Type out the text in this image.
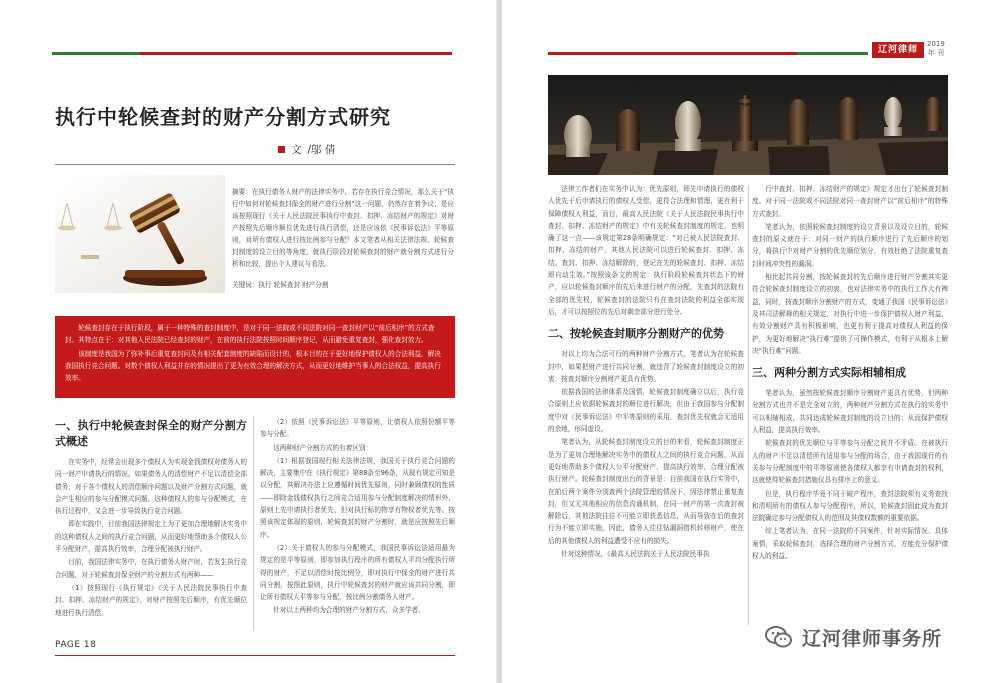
执行中轮候查封的财产分割方式研究
文 /邬 倩
摘要：在执行债务人财产的法律实务中，若存在执行竞合情况，那么关于“执行中如何对轮候查封保全的财产进行分割”这一问题，仍然存在着争议；是应该按照现行《关于人民法院民事执行中查封、扣押、冻结财产的规定》对财产按照先后顺序顺位优先进行执行清偿，还是应该依《民事诉讼法》平等原则，对所有债权人进行按比例参与分配？本文笔者从相关法律法规、轮候查封制度的设立目的等角度，就执行阶段对轮候查封的财产就分割方式进行分析和比较，提出个人建议与看法。
关键词：执行 轮候查封 财产分割

轮候查封存在于执行阶段，属于一种特殊的查封制度中，是对于同一法院或不同法院对同一查封财产以“前后相序”的方式查封。其特点在于：对其他人民法院已经查封的财产，在前的执行法院按照时间顺序登记，从而避免重复查封，强化查封效力。

该制度是我国为了弥补事后重复查封问及有相关配套制度的缺陷而设计的，根本目的在于更好地保护债权人的合法利益，解决我国执行竞合问题。对数个债权人利益并存的情况提出了更为有效合理的解决方式，从而更好地维护当事人的合法权益，提高执行效率。

一、执行中轮候查封保全的财产分割方式概述

在实务中，经常会出现多个债权人为实现金钱债权对债务人的同一财产申请执行的情况。如果债务人的清偿财产不足以清偿全部债务，对于各个债权人的清偿顺序问题以及财产分割方式问题，就会产生相应的参与分配模式问题。这种债权人的参与分配模式，在执行过程中，又会进一步导致执行竞合问题。

即在实践中，目前我国法律规定上为了更加合理地解决实务中的这种债权人之间的执行竞合问题，从而更好地帮助多个债权人公平分配财产，提高执行效率，合理分配被执行财产。

目前，我国法律实务中，在执行债务人财产时，若发生执行竞合问题，对于轮候查封保全财产的分割方式有两种——

（1）按照现行《执行规定》《关于人民法院民事执行中查封、扣押、冻结财产的规定》，对财产按照先后顺序，有优先顺位地进行执行清偿。

（2）依照《民事诉讼法》平等原则，让债权人依照份额平等参与分配。

这两种财产分割方式的有着区别：

（1）根据我国现行相关法律法规，我国关于执行竞合问题的解决，主要集中在《执行规定》第88条至96条，从现有规定可知是以分配，其解决办法上应遵循时间优先原则，同时兼顾债权的性质——即除金钱债权执行之间竞合适用参与分配制度解决的情形外，原则上先申请执行者优先，但对执行标的物享有物权者优先等。按照该规定体现的原则，轮候查封的财产分割时，就是应按照先后顺序。

（2）关于债权人的参与分配模式，我国民事诉讼法适用最为规定的是平等原则，即参加执行程序的所有债权人平均分配执行所得的财产，不足以清偿时按比例分，即对执行中保全的财产进行共同分割，按照此原则，执行中轮候查封的财产就应该共同分割，即让所有债权人平等参与分配，按比例分割债务人财产。

针对以上两种均为合理的财产分割方式，众多学者、

PAGE 18
辽河律师
2019
年 刊

法律工作者们在实务中认为：优先原则，即先申请执行的债权人优先于后申请执行的债权人受偿，更符合法理和情理，更有利于保障债权人利益，而目，最高人民法院《关于人民法院民事执行中查封、扣押、冻结财产的规定》中有关轮候查封制度的规定，也明确了这一点——该规定第28条明确规定：“对已被人民法院查封、扣押、冻结的财产，其他人民法院可以进行轮候查封、扣押、冻结。查封、扣押、冻结解除的，登记在先的轮候查封、扣押、冻结即自动生效。”按照该条文的规定：执行阶段轮候查封状态下的财产，应以轮候查封顺序的先后来进行财产的分配，先查封的法院有全部的优先权，轮候查封的法院只有在查封法院的利益全部实现后，才可以按照位的先后对剩余部分进行处分。

二、按轮候查封顺序分割财产的优势

对以上均为合法可行的两种财产分割方式，笔者认为在轮候查封中，如果把财产进行共同分割，就违背了轮候查封制度设立的初衷：按查封顺序分割财产更具有优势。

依据我国的法律体系及国情，轮候查封制度确立以后，执行竞合原则上应依据轮候查封的顺位进行解决，但由于我国参与分配制度中对《民事诉讼法》中平等原则的采用，查封优先权就会无适用的余地，形同虚设。

笔者认为，从轮候查封制度设立的目的来看，轮候查封制度正是为了更加合理地解决实务中的债权人之间的执行竞合问题，从而更好地帮助多个债权人公平分配财产，提高执行效率，合理分配被执行财产。轮候查封制度出台的背景是：目前我国在执行实务中，在前后两个案件分别查两个法院管理的情况下，因法律禁止重复查封，但又无其他相应的信息沟通机制，在同一财产的第一次查封被解除后，其他法院往往不可能立即获悉信息，从而导致在后的查封行为不能立即实施，因此，债务人往往钻漏洞借机转移财产，使在后的其他债权人的利益遭受不应有的损失。

针对这种情况，《最高人民法院关于人民法院民事执

行中查封、扣押、冻结财产的规定》规定才出台了轮候查封制度。对于同一法院或不同法院对同一查封财产以“前后相序”的特殊方式查封。

笔者认为，依照轮候查封制度的设立背景以及设立目的，轮候查封的原义就在于：对同一财产的执行顺序进行了先后顺序的划分，将执行中对财产分割的优先顺位划分，有效杜绝了法院重复查封时间冲突性的漏洞。

相比起共同分割，按轮候查封的先后顺序进行财产分割其实更符合轮候查封制度设立的初衷，也对法律实务中的执行工作大有裨益，同时，按查封顺序分割财产的方式，变通了我国《民事诉讼法》及其司法解释的相关规定，对执行中进一步保护债权人财产利益，有效分割财产具有积极影响，也更有利于提高对债权人利益的保护，为更好地解决“执行难”提供了可操作模式，有利于从根本上解决“执行难”问题。

三、两种分割方式实际相辅相成

笔者认为，虽然按轮候查封顺序分割财产更具有优势，但两种分割方式也并不是完全对立的，两种财产分割方式在执行的实务中可以相辅相成，共同达成轮候查封制度的设立目的：从而保护债权人利益，提高执行效率。

轮候查封的优先顺位与平等参与分配之间并不矛盾。在被执行人的财产不足以清偿所有适用参与分配的场合，由于我国现行的有关参与分配制度中的平等原则使各债权人都享有申请查封的权利，这就使得轮候查封措施仅具有排序上的意义。

但是，执行程序毕竟不同于破产程序，查封法院须有义务查找和清明所有的债权人参与分配程序，所以，轮候查封固此成为查封法院确定参与分配债权人的范围及其债权数额的重要依据。

综上笔者认为，在同一法院的不同案件，针对实际情况、具体案情，采取轮候查封，选择合理的财产分割方式，方能充分保护债权人的利益。

辽河律师事务所
